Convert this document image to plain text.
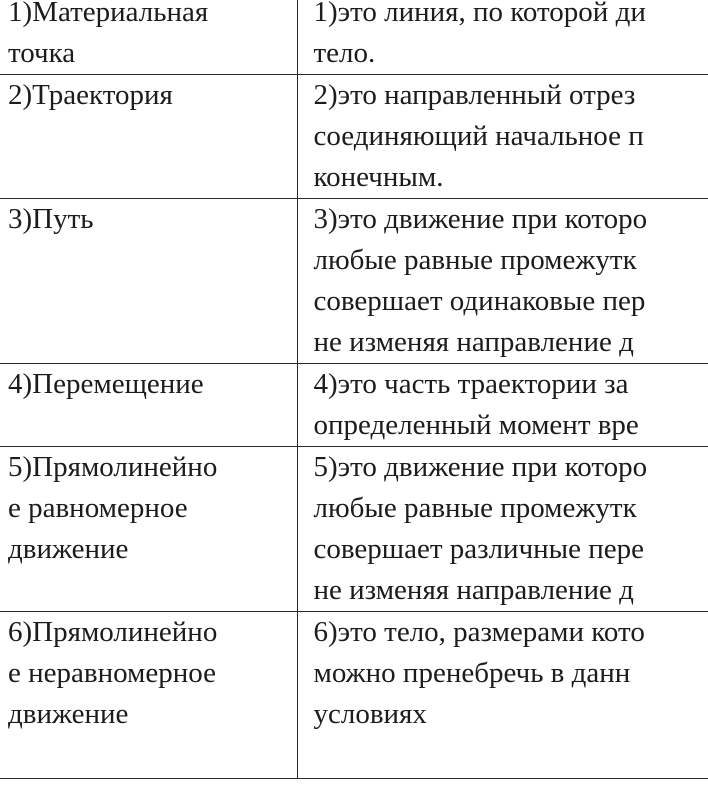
1)Материальная
точка	1)это линия, по которой ди
тело.

2)Траектория	2)это направленный отрез
соединяющий начальное п
конечным.

3)Путь	3)это движение при которо
любые равные промежутк
совершает одинаковые пер
не изменяя направление д

4)Перемещение	4)это часть траектории за
определенный момент вре

5)Прямолинейно
е равномерное
движение	5)это движение при которо
любые равные промежутк
совершает различные пере
не изменяя направление д

6)Прямолинейно
е неравномерное
движение	6)это тело, размерами кото
можно пренебречь в данн
условиях
